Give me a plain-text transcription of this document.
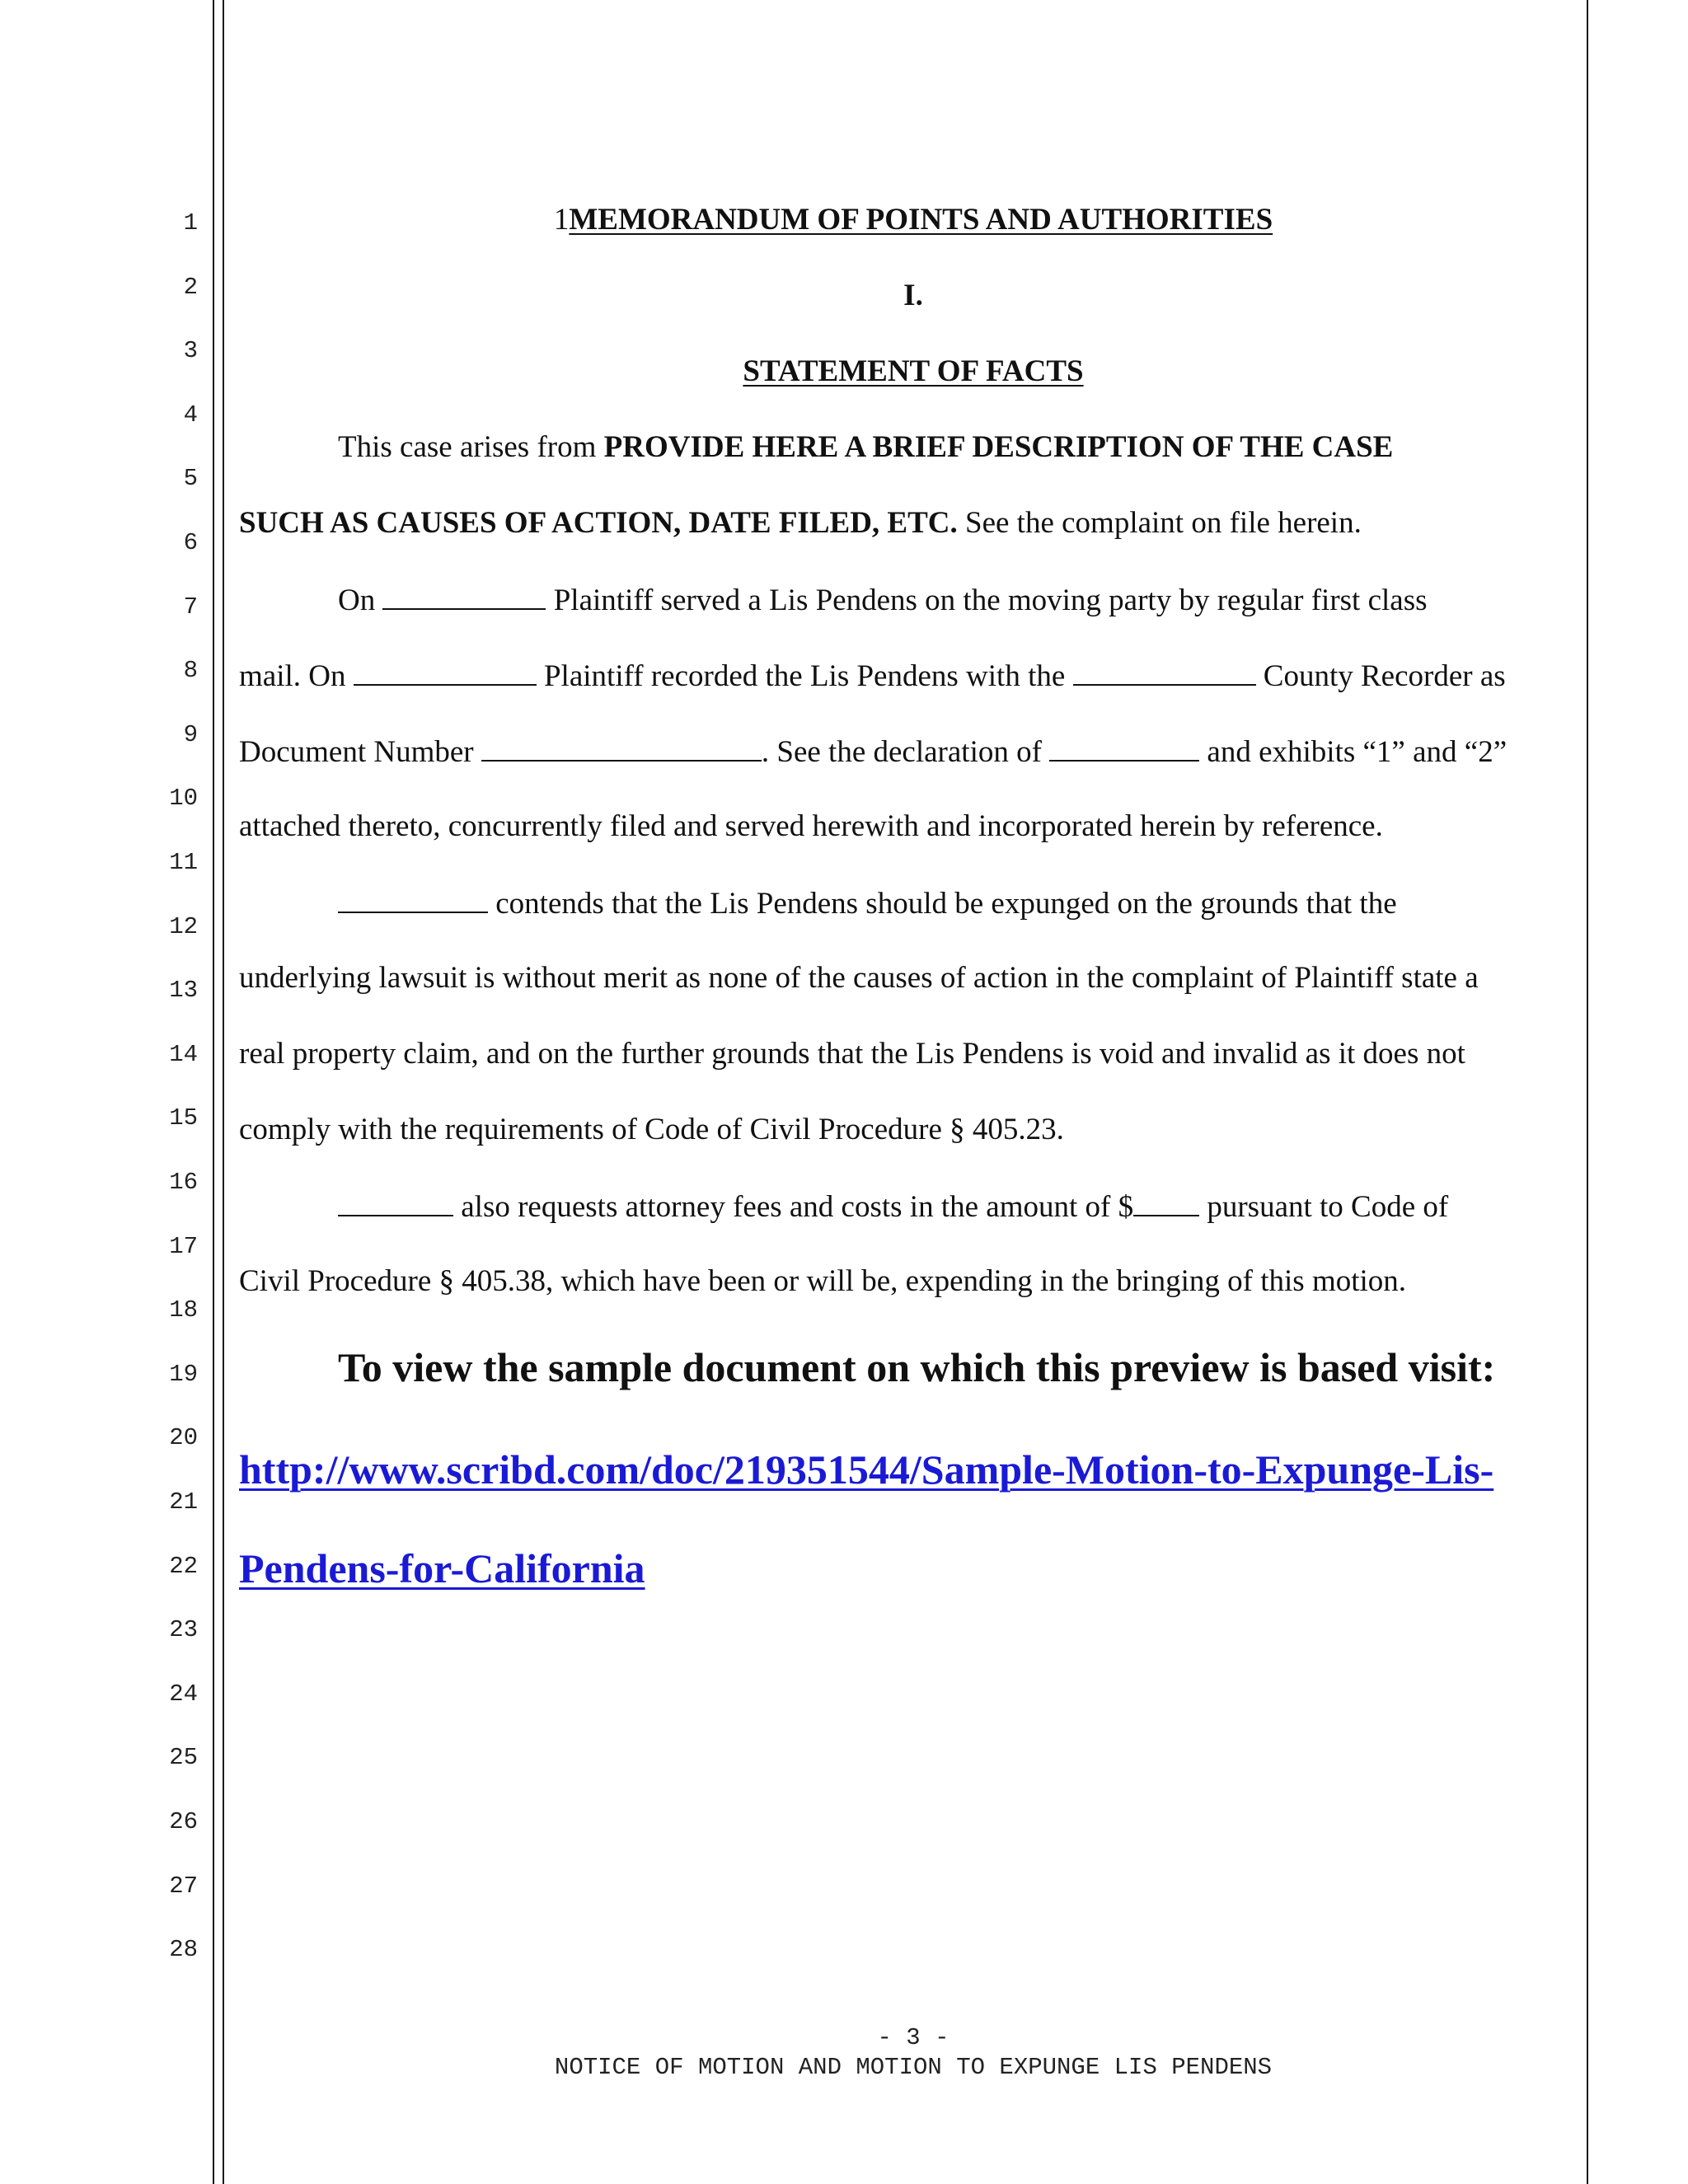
1
2
3
4
5
6
7
8
9
10
11
12
13
14
15
16
17
18
19
20
21
22
23
24
25
26
27
28
1MEMORANDUM OF POINTS AND AUTHORITIES
I.
STATEMENT OF FACTS
This case arises from PROVIDE HERE A BRIEF DESCRIPTION OF THE CASE
SUCH AS CAUSES OF ACTION, DATE FILED, ETC. See the complaint on file herein.
On	Plaintiff served a Lis Pendens on the moving party by regular first class
mail. On	Plaintiff recorded the Lis Pendens with the	County Recorder as
Document Number	. See the declaration of	and exhibits “1” and “2”
attached thereto, concurrently filed and served herewith and incorporated herein by reference.
contends that the Lis Pendens should be expunged on the grounds that the
underlying lawsuit is without merit as none of the causes of action in the complaint of Plaintiff state a
real property claim, and on the further grounds that the Lis Pendens is void and invalid as it does not
comply with the requirements of Code of Civil Procedure § 405.23.
also requests attorney fees and costs in the amount of $ pursuant to Code of
Civil Procedure § 405.38, which have been or will be, expending in the bringing of this motion.
To view the sample document on which this preview is based visit:
http://www.scribd.com/doc/219351544/Sample-Motion-to-Expunge-Lis-
Pendens-for-California
- 3 -
NOTICE OF MOTION AND MOTION TO EXPUNGE LIS PENDENS
